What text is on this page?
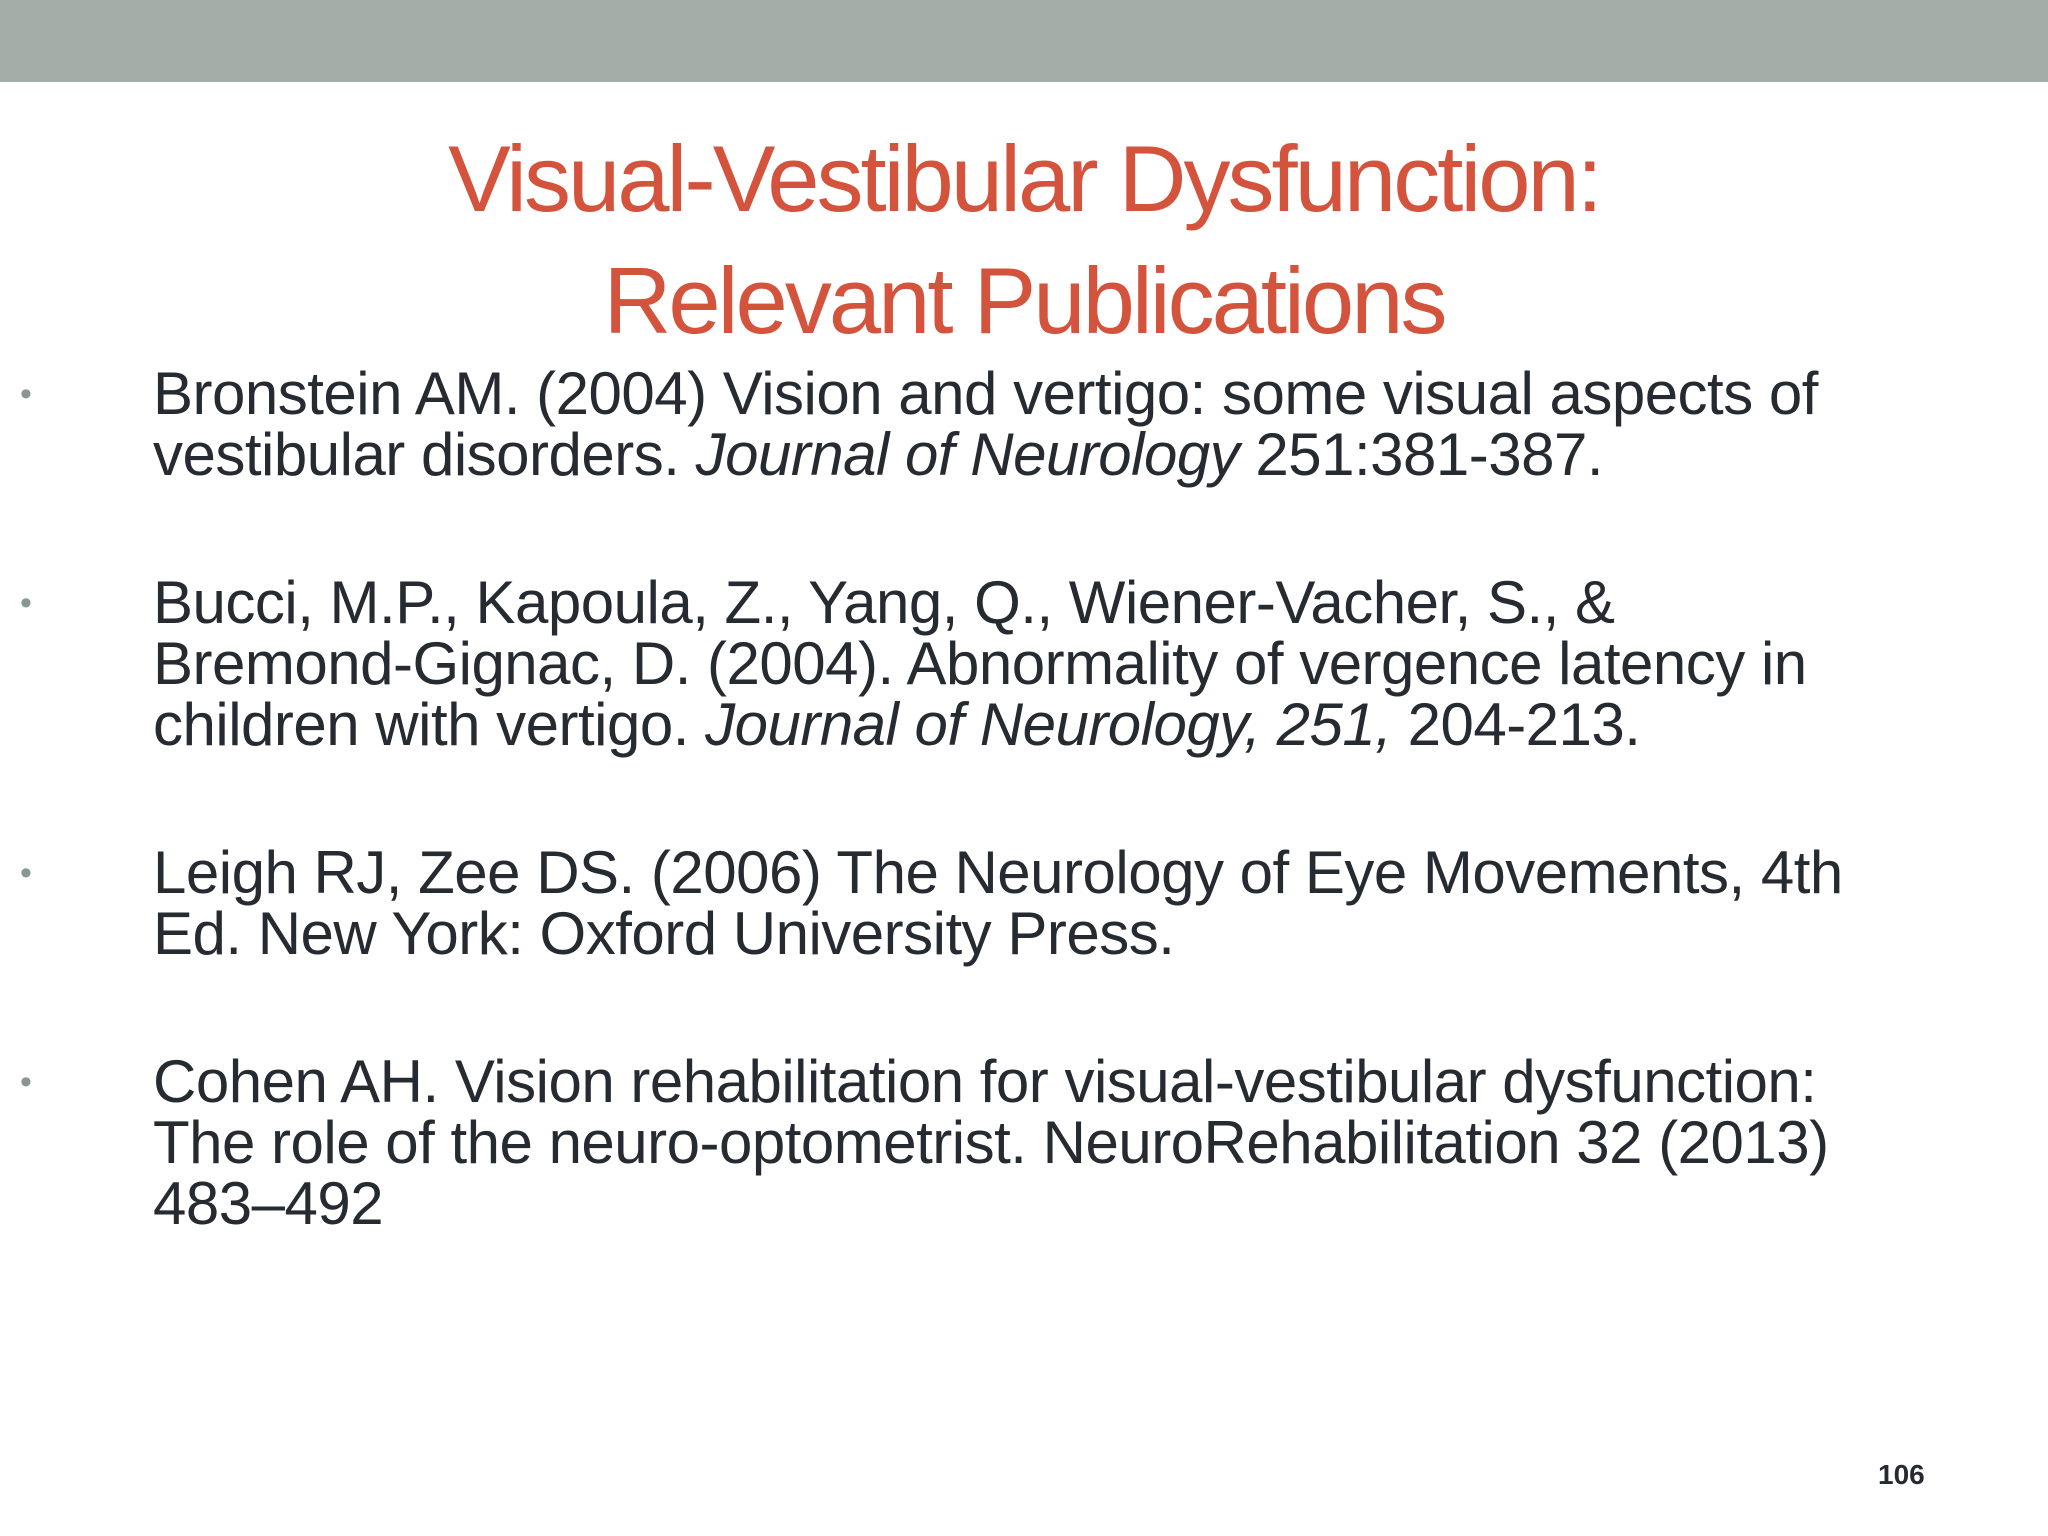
Visual-Vestibular Dysfunction:
Relevant Publications
• Bronstein AM. (2004) Vision and vertigo: some visual aspects of
vestibular disorders. Journal of Neurology 251:381-387.
• Bucci, M.P., Kapoula, Z., Yang, Q., Wiener-Vacher, S., &
Bremond-Gignac, D. (2004). Abnormality of vergence latency in
children with vertigo. Journal of Neurology, 251, 204-213.
• Leigh RJ, Zee DS. (2006) The Neurology of Eye Movements, 4th
Ed. New York: Oxford University Press.
• Cohen AH. Vision rehabilitation for visual-vestibular dysfunction:
The role of the neuro-optometrist. NeuroRehabilitation 32 (2013)
483–492
106
